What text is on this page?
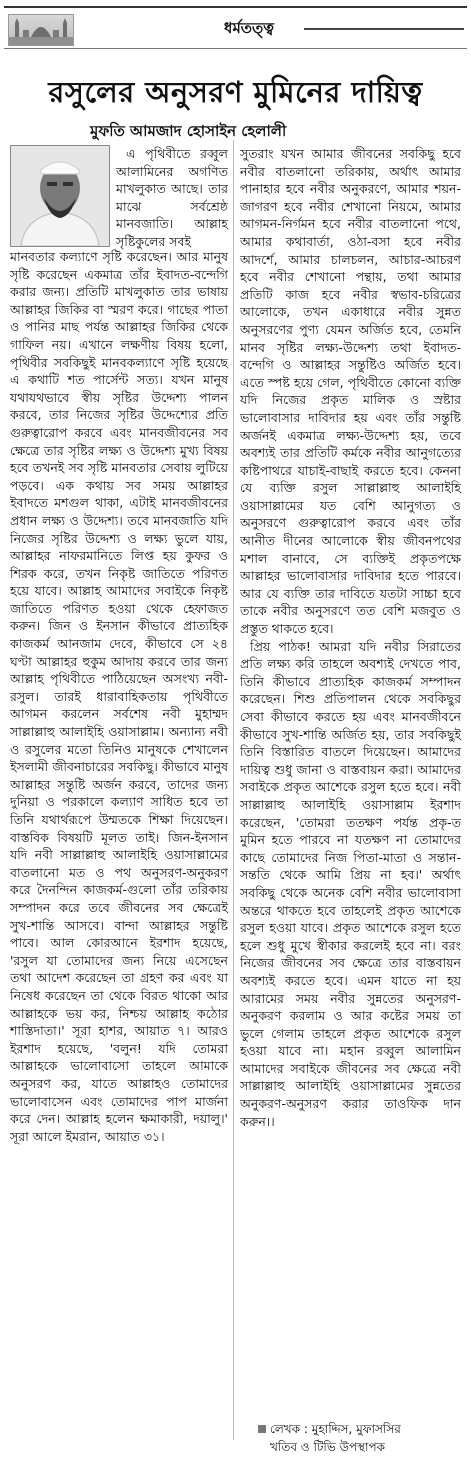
ধর্মতত্ত্ব
রসুলের অনুসরণ মুমিনের দায়িত্ব
মুফতি আমজাদ হোসাইন হেলালী

এ পৃথিবীতে রব্বুল আলামিনের অগণিত মাখলুকাত আছে। তার মাঝে সর্বশ্রেষ্ঠ মানবজাতি। আল্লাহ সৃষ্টিকুলের সবই

মানবতার কল্যাণে সৃষ্টি করেছেন। আর মানুষ সৃষ্টি করেছেন একমাত্র তাঁর ইবাদত-বন্দেগি করার জন্য। প্রতিটি মাখলুকাত তার ভাষায় আল্লাহর জিকির বা স্মরণ করে। গাছের পাতা ও পানির মাছ পর্যন্ত আল্লাহর জিকির থেকে গাফিল নয়। এখানে লক্ষণীয় বিষয় হলো, পৃথিবীর সবকিছুই মানবকল্যাণে সৃষ্টি হয়েছে এ কথাটি শত পার্সেন্ট সত্য। যখন মানুষ যথাযথভাবে স্বীয় সৃষ্টির উদ্দেশ্য পালন করবে, তার নিজের সৃষ্টির উদ্দেশ্যের প্রতি গুরুত্বারোপ করবে এবং মানবজীবনের সব ক্ষেত্রে তার সৃষ্টির লক্ষ্য ও উদ্দেশ্য মুখ্য বিষয় হবে তখনই সব সৃষ্টি মানবতার সেবায় লুটিয়ে পড়বে। এক কথায় সব সময় আল্লাহর ইবাদতে মশগুল থাকা, এটাই মানবজীবনের প্রধান লক্ষ্য ও উদ্দেশ্য। তবে মানবজাতি যদি নিজের সৃষ্টির উদ্দেশ্য ও লক্ষ্য ভুলে যায়, আল্লাহর নাফরমানিতে লিপ্ত হয় কুফর ও শিরক করে, তখন নিকৃষ্ট জাতিতে পরিণত হয়ে যাবে। আল্লাহ আমাদের সবাইকে নিকৃষ্ট জাতিতে পরিণত হওয়া থেকে হেফাজত করুন। জিন ও ইনসান কীভাবে প্রাত্যহিক কাজকর্ম আনজাম দেবে, কীভাবে সে ২৪ ঘণ্টা আল্লাহর হুকুম আদায় করবে তার জন্য আল্লাহ পৃথিবীতে পাঠিয়েছেন অসংখ্য নবী-রসুল। তারই ধারাবাহিকতায় পৃথিবীতে আগমন করলেন সর্বশেষ নবী মুহাম্মদ সাল্লাল্লাহু আলাইহি ওয়াসাল্লাম। অন্যান্য নবী ও রসুলের মতো তিনিও মানুষকে শেখালেন ইসলামী জীবনাচারের সবকিছু। কীভাবে মানুষ আল্লাহর সন্তুষ্টি অর্জন করবে, তাদের জন্য দুনিয়া ও পরকালে কল্যাণ সাধিত হবে তা তিনি যথার্থরূপে উম্মতকে শিক্ষা দিয়েছেন। বাস্তবিক বিষয়টি মূলত তাই। জিন-ইনসান যদি নবী সাল্লাল্লাহু আলাইহি ওয়াসাল্লামের বাতলানো মত ও পথ অনুসরণ-অনুকরণ করে দৈনন্দিন কাজকর্ম-গুলো তাঁর তরিকায় সম্পাদন করে তবে জীবনের সব ক্ষেত্রেই সুখ-শান্তি আসবে। বান্দা আল্লাহর সন্তুষ্টি পাবে। আল কোরআনে ইরশাদ হয়েছে, 'রসুল যা তোমাদের জন্য নিয়ে এসেছেন তথা আদেশ করেছেন তা গ্রহণ কর এবং যা নিষেধ করেছেন তা থেকে বিরত থাকো আর আল্লাহকে ভয় কর, নিশ্চয় আল্লাহ কঠোর শাস্তিদাতা।' সূরা হাশর, আয়াত ৭। আরও ইরশাদ হয়েছে, 'বলুন! যদি তোমরা আল্লাহকে ভালোবাসো তাহলে আমাকে অনুসরণ কর, যাতে আল্লাহও তোমাদের ভালোবাসেন এবং তোমাদের পাপ মার্জনা করে দেন। আল্লাহ হলেন ক্ষমাকারী, দয়ালু।' সূরা আলে ইমরান, আয়াত ৩১।

সুতরাং যখন আমার জীবনের সবকিছু হবে নবীর বাতলানো তরিকায়, অর্থাৎ আমার পানাহার হবে নবীর অনুকরণে, আমার শয়ন-জাগরণ হবে নবীর শেখানো নিয়মে, আমার আগমন-নির্গমন হবে নবীর বাতলানো পথে, আমার কথাবার্তা, ওঠা-বসা হবে নবীর আদর্শে, আমার চালচলন, আচার-আচরণ হবে নবীর শেখানো পন্থায়, তথা আমার প্রতিটি কাজ হবে নবীর স্বভাব-চরিত্রের আলোকে, তখন একাধারে নবীর সুন্নত অনুসরণের পুণ্য যেমন অর্জিত হবে, তেমনি মানব সৃষ্টির লক্ষ্য-উদ্দেশ্য তথা ইবাদত-বন্দেগি ও আল্লাহর সন্তুষ্টিও অর্জিত হবে। এতে স্পষ্ট হয়ে গেল, পৃথিবীতে কোনো ব্যক্তি যদি নিজের প্রকৃত মালিক ও স্রষ্টার ভালোবাসার দাবিদার হয় এবং তাঁর সন্তুষ্টি অর্জনই একমাত্র লক্ষ্য-উদ্দেশ্য হয়, তবে অবশ্যই তার প্রতিটি কর্মকে নবীর আনুগত্যের কষ্টিপাথরে যাচাই-বাছাই করতে হবে। কেননা যে ব্যক্তি রসুল সাল্লাল্লাহু আলাইহি ওয়াসাল্লামের যত বেশি আনুগত্য ও অনুসরণে গুরুত্বারোপ করবে এবং তাঁর আনীত দীনের আলোকে স্বীয় জীবনপথের মশাল বানাবে, সে ব্যক্তিই প্রকৃতপক্ষে আল্লাহর ভালোবাসার দাবিদার হতে পারবে। আর যে ব্যক্তি তার দাবিতে যতটা সাচ্চা হবে তাকে নবীর অনুসরণে তত বেশি মজবুত ও প্রস্তুত থাকতে হবে।

প্রিয় পাঠক! আমরা যদি নবীর সিরাতের প্রতি লক্ষ্য করি তাহলে অবশ্যই দেখতে পাব, তিনি কীভাবে প্রাত্যহিক কাজকর্ম সম্পাদন করেছেন। শিশু প্রতিপালন থেকে সবকিছুর সেবা কীভাবে করতে হয় এবং মানবজীবনে কীভাবে সুখ-শান্তি অর্জিত হয়, তার সবকিছুই তিনি বিস্তারিত বাতলে দিয়েছেন। আমাদের দায়িত্ব শুধু জানা ও বাস্তবায়ন করা। আমাদের সবাইকে প্রকৃত আশেকে রসুল হতে হবে। নবী সাল্লাল্লাহু আলাইহি ওয়াসাল্লাম ইরশাদ করেছেন, 'তোমরা ততক্ষণ পর্যন্ত প্রকৃ-ত মুমিন হতে পারবে না যতক্ষণ না তোমাদের কাছে তোমাদের নিজ পিতা-মাতা ও সন্তান-সন্ততি থেকে আমি প্রিয় না হব।' অর্থাৎ সবকিছু থেকে অনেক বেশি নবীর ভালোবাসা অন্তরে থাকতে হবে তাহলেই প্রকৃত আশেকে রসুল হওয়া যাবে। প্রকৃত আশেকে রসুল হতে হলে শুধু মুখে স্বীকার করলেই হবে না। বরং নিজের জীবনের সব ক্ষেত্রে তার বাস্তবায়ন অবশ্যই করতে হবে। এমন যাতে না হয় আরামের সময় নবীর সুন্নতের অনুসরণ-অনুকরণ করলাম ও আর কষ্টের সময় তা ভুলে গেলাম তাহলে প্রকৃত আশেকে রসুল হওয়া যাবে না। মহান রব্বুল আলামিন আমাদের সবাইকে জীবনের সব ক্ষেত্রে নবী সাল্লাল্লাহু আলাইহি ওয়াসাল্লামের সুন্নতের অনুকরণ-অনুসরণ করার তাওফিক দান করুন।।

লেখক : মুহাদ্দিস, মুফাসসির
খতিব ও টিভি উপস্থাপক
